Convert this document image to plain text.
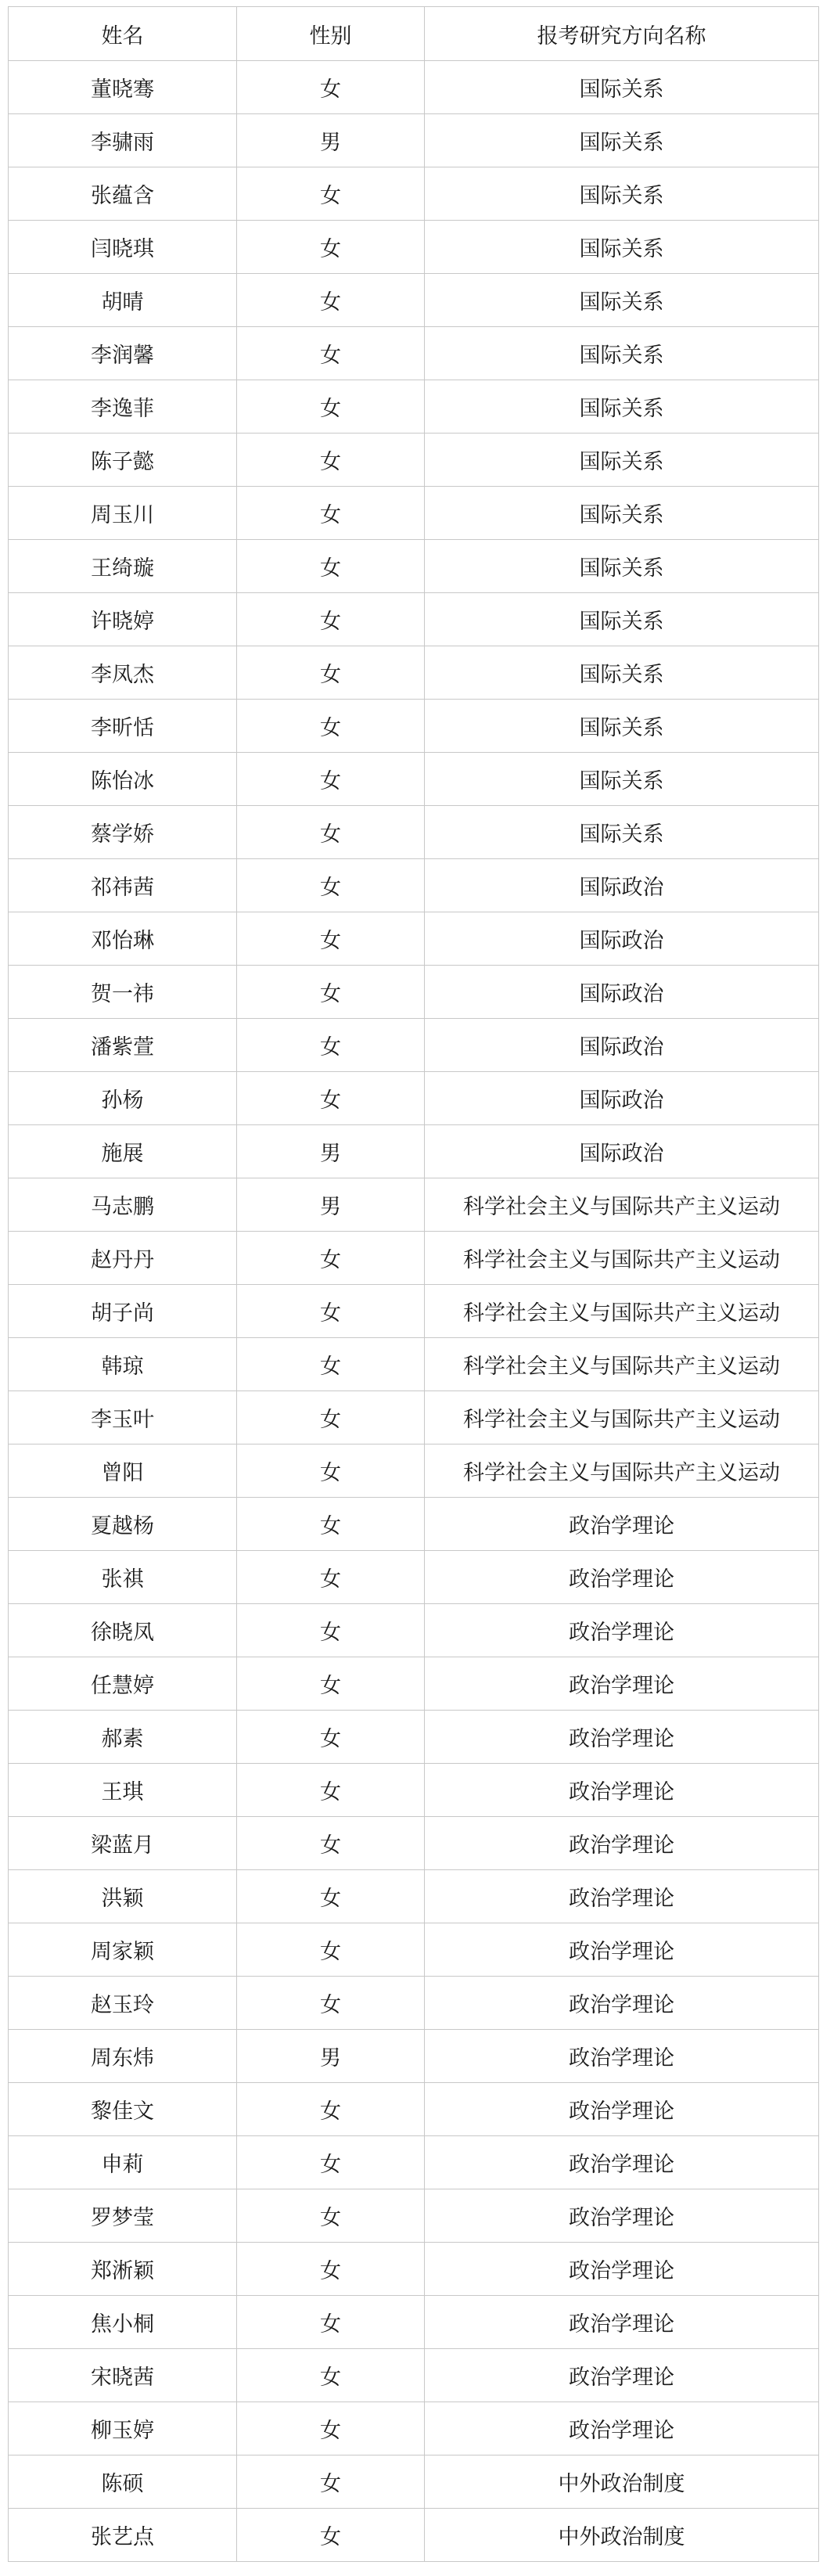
姓名	性别	报考研究方向名称
董晓骞	女	国际关系
李骕雨	男	国际关系
张蕴含	女	国际关系
闫晓琪	女	国际关系
胡晴	女	国际关系
李润馨	女	国际关系
李逸菲	女	国际关系
陈子懿	女	国际关系
周玉川	女	国际关系
王绮璇	女	国际关系
许晓婷	女	国际关系
李凤杰	女	国际关系
李昕恬	女	国际关系
陈怡冰	女	国际关系
蔡学娇	女	国际关系
祁祎茜	女	国际政治
邓怡琳	女	国际政治
贺一祎	女	国际政治
潘紫萱	女	国际政治
孙杨	女	国际政治
施展	男	国际政治
马志鹏	男	科学社会主义与国际共产主义运动
赵丹丹	女	科学社会主义与国际共产主义运动
胡子尚	女	科学社会主义与国际共产主义运动
韩琼	女	科学社会主义与国际共产主义运动
李玉叶	女	科学社会主义与国际共产主义运动
曾阳	女	科学社会主义与国际共产主义运动
夏越杨	女	政治学理论
张祺	女	政治学理论
徐晓凤	女	政治学理论
任慧婷	女	政治学理论
郝素	女	政治学理论
王琪	女	政治学理论
梁蓝月	女	政治学理论
洪颖	女	政治学理论
周家颖	女	政治学理论
赵玉玲	女	政治学理论
周东炜	男	政治学理论
黎佳文	女	政治学理论
申莉	女	政治学理论
罗梦莹	女	政治学理论
郑淅颖	女	政治学理论
焦小桐	女	政治学理论
宋晓茜	女	政治学理论
柳玉婷	女	政治学理论
陈硕	女	中外政治制度
张艺点	女	中外政治制度
